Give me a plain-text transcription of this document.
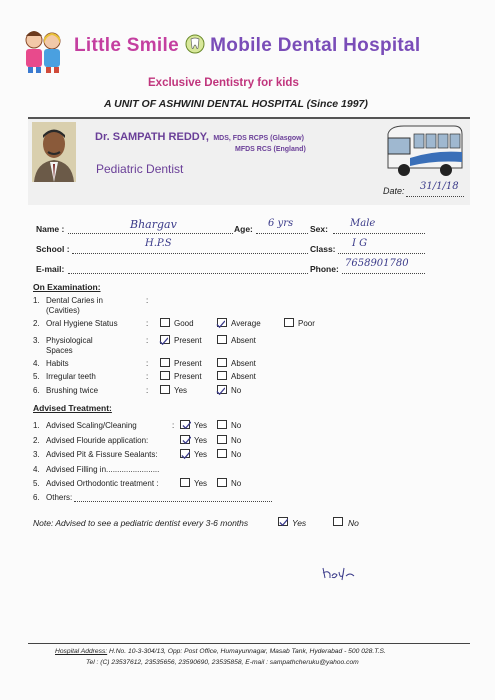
Little Smile Mobile Dental Hospital
Exclusive Dentistry for kids
A UNIT OF ASHWINI DENTAL HOSPITAL (Since 1997)
Dr. SAMPATH REDDY, MDS, FDS RCPS (Glasgow)
MFDS RCS (England)
Pediatric Dentist
Date: 31/1/18
Name :	Bhargav	Age: 6 yrs Sex: Male
School :	H.P.S	Class: I G
E-mail:	Phone: 7658901780
On Examination:
1. Dental Caries in
(Cavities)
:
2. Oral Hygiene Status	:	Good	Average	Poor
3. Physiological
Spaces
:	Present	Absent
4. Habits	:	Present	Absent
5. Irregular teeth	:	Present	Absent
6. Brushing twice	:	Yes	No
Advised Treatment:
1. Advised Scaling/Cleaning	: Yes	No
2. Advised Flouride application:	Yes	No
3. Advised Pit & Fissure Sealants:	Yes	No
4. Advised Filling in........................
5. Advised Orthodontic treatment :	Yes	No
6. Others:
Note: Advised to see a pediatric dentist every 3-6 months	Yes	No
Hospital Address: H.No. 10-3-304/13, Opp: Post Office, Humayunnagar, Masab Tank, Hyderabad - 500 028.T.S.
Tel : (C) 23537612, 23535656, 23590690, 23535858, E-mail : sampathcheruku@yahoo.com
